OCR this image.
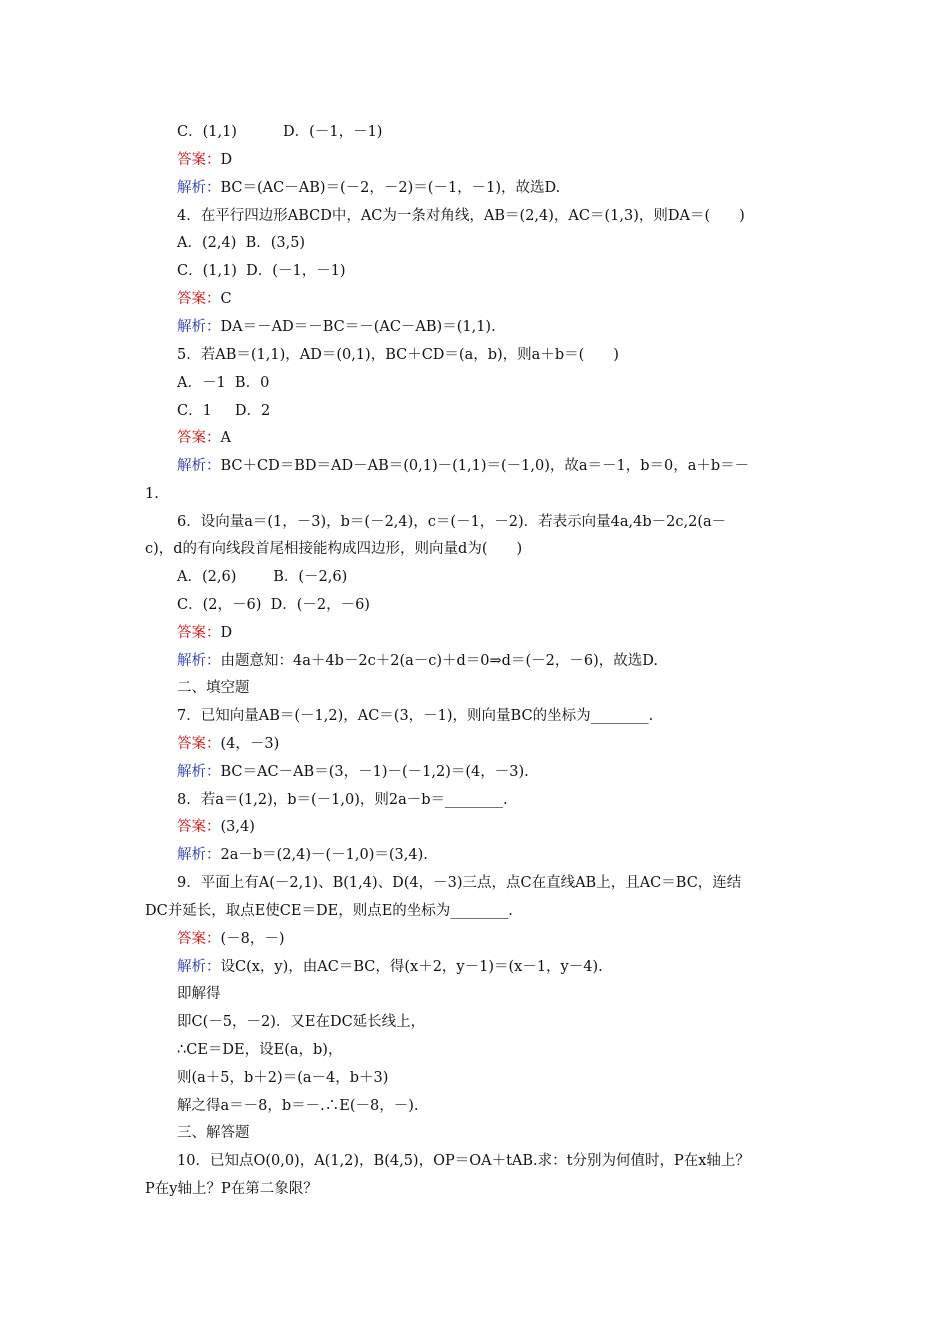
C．(1,1)          D．(－1，－1)
答案：D
解析：BC＝(AC－AB)＝(－2，－2)＝(－1，－1)，故选D.
4．在平行四边形ABCD中，AC为一条对角线，AB＝(2,4)，AC＝(1,3)，则DA＝(　　)
A．(2,4)  B．(3,5)
C．(1,1)  D．(－1，－1)
答案：C
解析：DA＝－AD＝－BC＝－(AC－AB)＝(1,1).
5．若AB＝(1,1)，AD＝(0,1)，BC＋CD＝(a，b)，则a＋b＝(　　)
A．－1  B．0
C．1     D．2
答案：A
解析：BC＋CD＝BD＝AD－AB＝(0,1)－(1,1)＝(－1,0)，故a＝－1，b＝0，a＋b＝－
1.
6．设向量a＝(1，－3)，b＝(－2,4)，c＝(－1，－2)．若表示向量4a,4b－2c,2(a－
c)，d的有向线段首尾相接能构成四边形，则向量d为(　　)
A．(2,6)        B．(－2,6)
C．(2，－6)  D．(－2，－6)
答案：D
解析：由题意知：4a＋4b－2c＋2(a－c)＋d＝0⇒d＝(－2，－6)，故选D.
二、填空题
7．已知向量AB＝(－1,2)，AC＝(3，－1)，则向量BC的坐标为________.
答案：(4，－3)
解析：BC＝AC－AB＝(3，－1)－(－1,2)＝(4，－3).
8．若a＝(1,2)，b＝(－1,0)，则2a－b＝________.
答案：(3,4)
解析：2a－b＝(2,4)－(－1,0)＝(3,4).
9．平面上有A(－2,1)、B(1,4)、D(4，－3)三点，点C在直线AB上，且AC＝BC，连结
DC并延长，取点E使CE＝DE，则点E的坐标为________.
答案：(－8，－)
解析：设C(x，y)，由AC＝BC，得(x＋2，y－1)＝(x－1，y－4).
即解得
即C(－5，－2)．又E在DC延长线上，
∴CE＝DE，设E(a，b)，
则(a＋5，b＋2)＝(a－4，b＋3)
解之得a＝－8，b＝－.∴E(－8，－).
三、解答题
10．已知点O(0,0)，A(1,2)，B(4,5)，OP＝OA＋tAB.求：t分别为何值时，P在x轴上？
P在y轴上？P在第二象限？
